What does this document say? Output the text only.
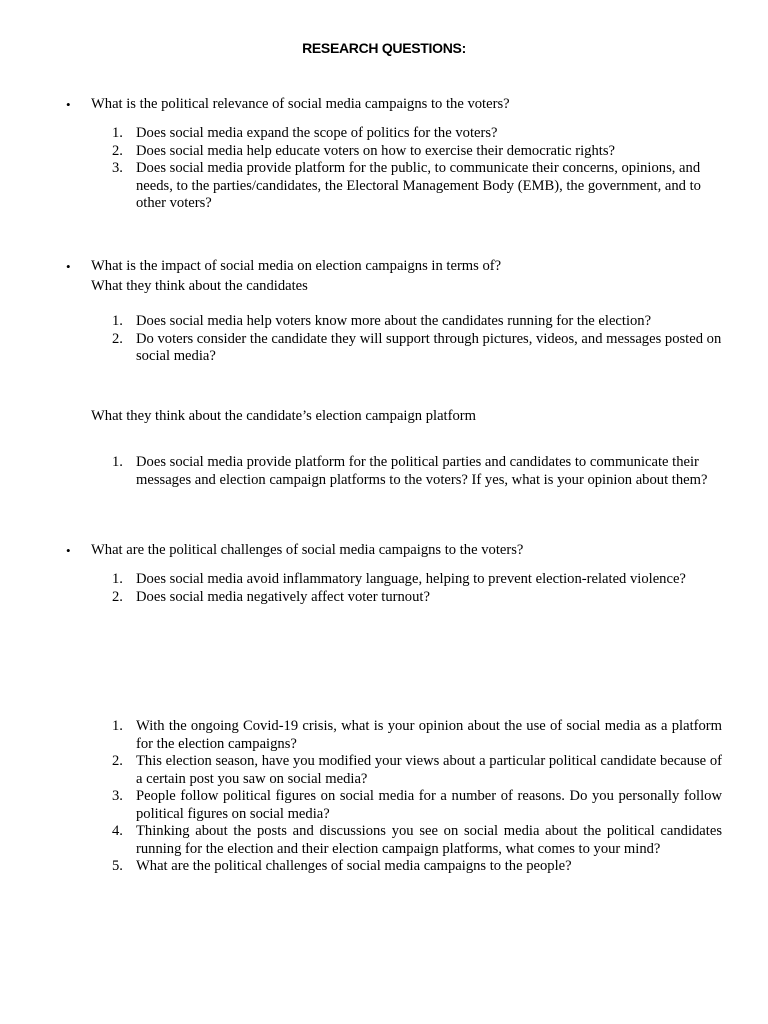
RESEARCH QUESTIONS:
• What is the political relevance of social media campaigns to the voters?
1. Does social media expand the scope of politics for the voters?
2. Does social media help educate voters on how to exercise their democratic rights?
3. Does social media provide platform for the public, to communicate their concerns, opinions, and needs, to the parties/candidates, the Electoral Management Body (EMB), the government, and to other voters?
• What is the impact of social media on election campaigns in terms of?
What they think about the candidates
1. Does social media help voters know more about the candidates running for the election?
2. Do voters consider the candidate they will support through pictures, videos, and messages posted on social media?
What they think about the candidate’s election campaign platform
1. Does social media provide platform for the political parties and candidates to communicate their messages and election campaign platforms to the voters? If yes, what is your opinion about them?
• What are the political challenges of social media campaigns to the voters?
1. Does social media avoid inflammatory language, helping to prevent election-related violence?
2. Does social media negatively affect voter turnout?
1. With the ongoing Covid-19 crisis, what is your opinion about the use of social media as a platform for the election campaigns?
2. This election season, have you modified your views about a particular political candidate because of a certain post you saw on social media?
3. People follow political figures on social media for a number of reasons. Do you personally follow political figures on social media?
4. Thinking about the posts and discussions you see on social media about the political candidates running for the election and their election campaign platforms, what comes to your mind?
5. What are the political challenges of social media campaigns to the people?
